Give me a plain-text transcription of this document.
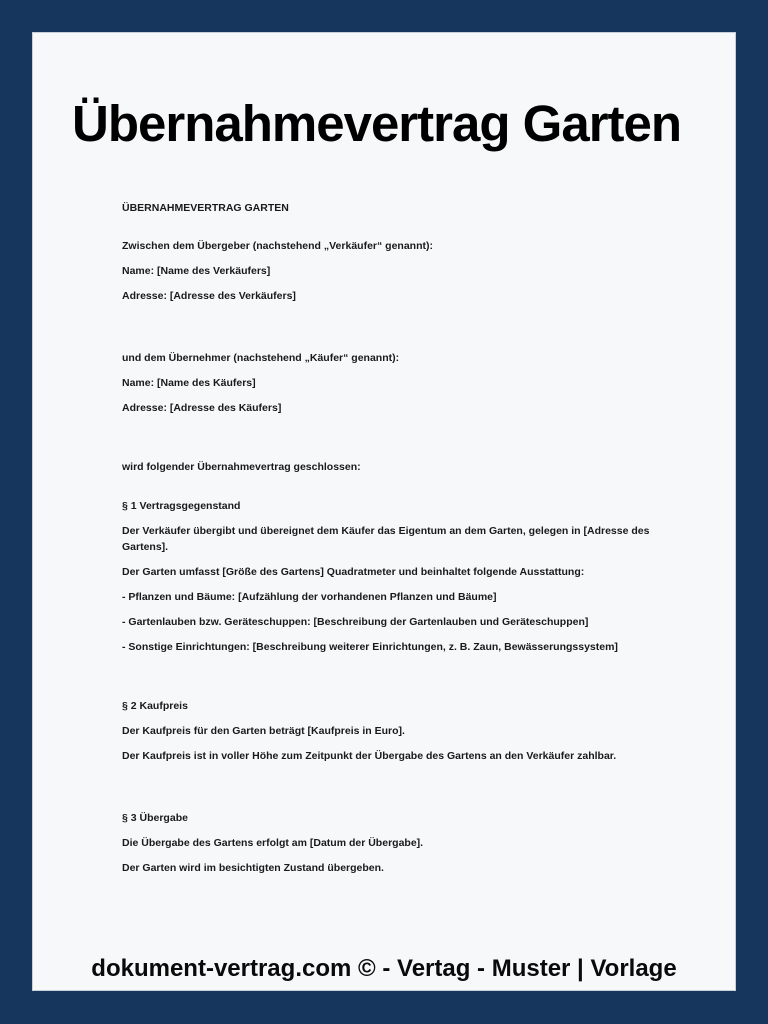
Übernahmevertrag Garten

ÜBERNAHMEVERTRAG GARTEN

Zwischen dem Übergeber (nachstehend „Verkäufer“ genannt):

Name: [Name des Verkäufers]

Adresse: [Adresse des Verkäufers]

und dem Übernehmer (nachstehend „Käufer“ genannt):

Name: [Name des Käufers]

Adresse: [Adresse des Käufers]

wird folgender Übernahmevertrag geschlossen:

§ 1 Vertragsgegenstand

Der Verkäufer übergibt und übereignet dem Käufer das Eigentum an dem Garten, gelegen in [Adresse des Gartens].

Der Garten umfasst [Größe des Gartens] Quadratmeter und beinhaltet folgende Ausstattung:

- Pflanzen und Bäume: [Aufzählung der vorhandenen Pflanzen und Bäume]

- Gartenlauben bzw. Geräteschuppen: [Beschreibung der Gartenlauben und Geräteschuppen]

- Sonstige Einrichtungen: [Beschreibung weiterer Einrichtungen, z. B. Zaun, Bewässerungssystem]

§ 2 Kaufpreis

Der Kaufpreis für den Garten beträgt [Kaufpreis in Euro].

Der Kaufpreis ist in voller Höhe zum Zeitpunkt der Übergabe des Gartens an den Verkäufer zahlbar.

§ 3 Übergabe

Die Übergabe des Gartens erfolgt am [Datum der Übergabe].

Der Garten wird im besichtigten Zustand übergeben.

dokument-vertrag.com © - Vertag - Muster | Vorlage
